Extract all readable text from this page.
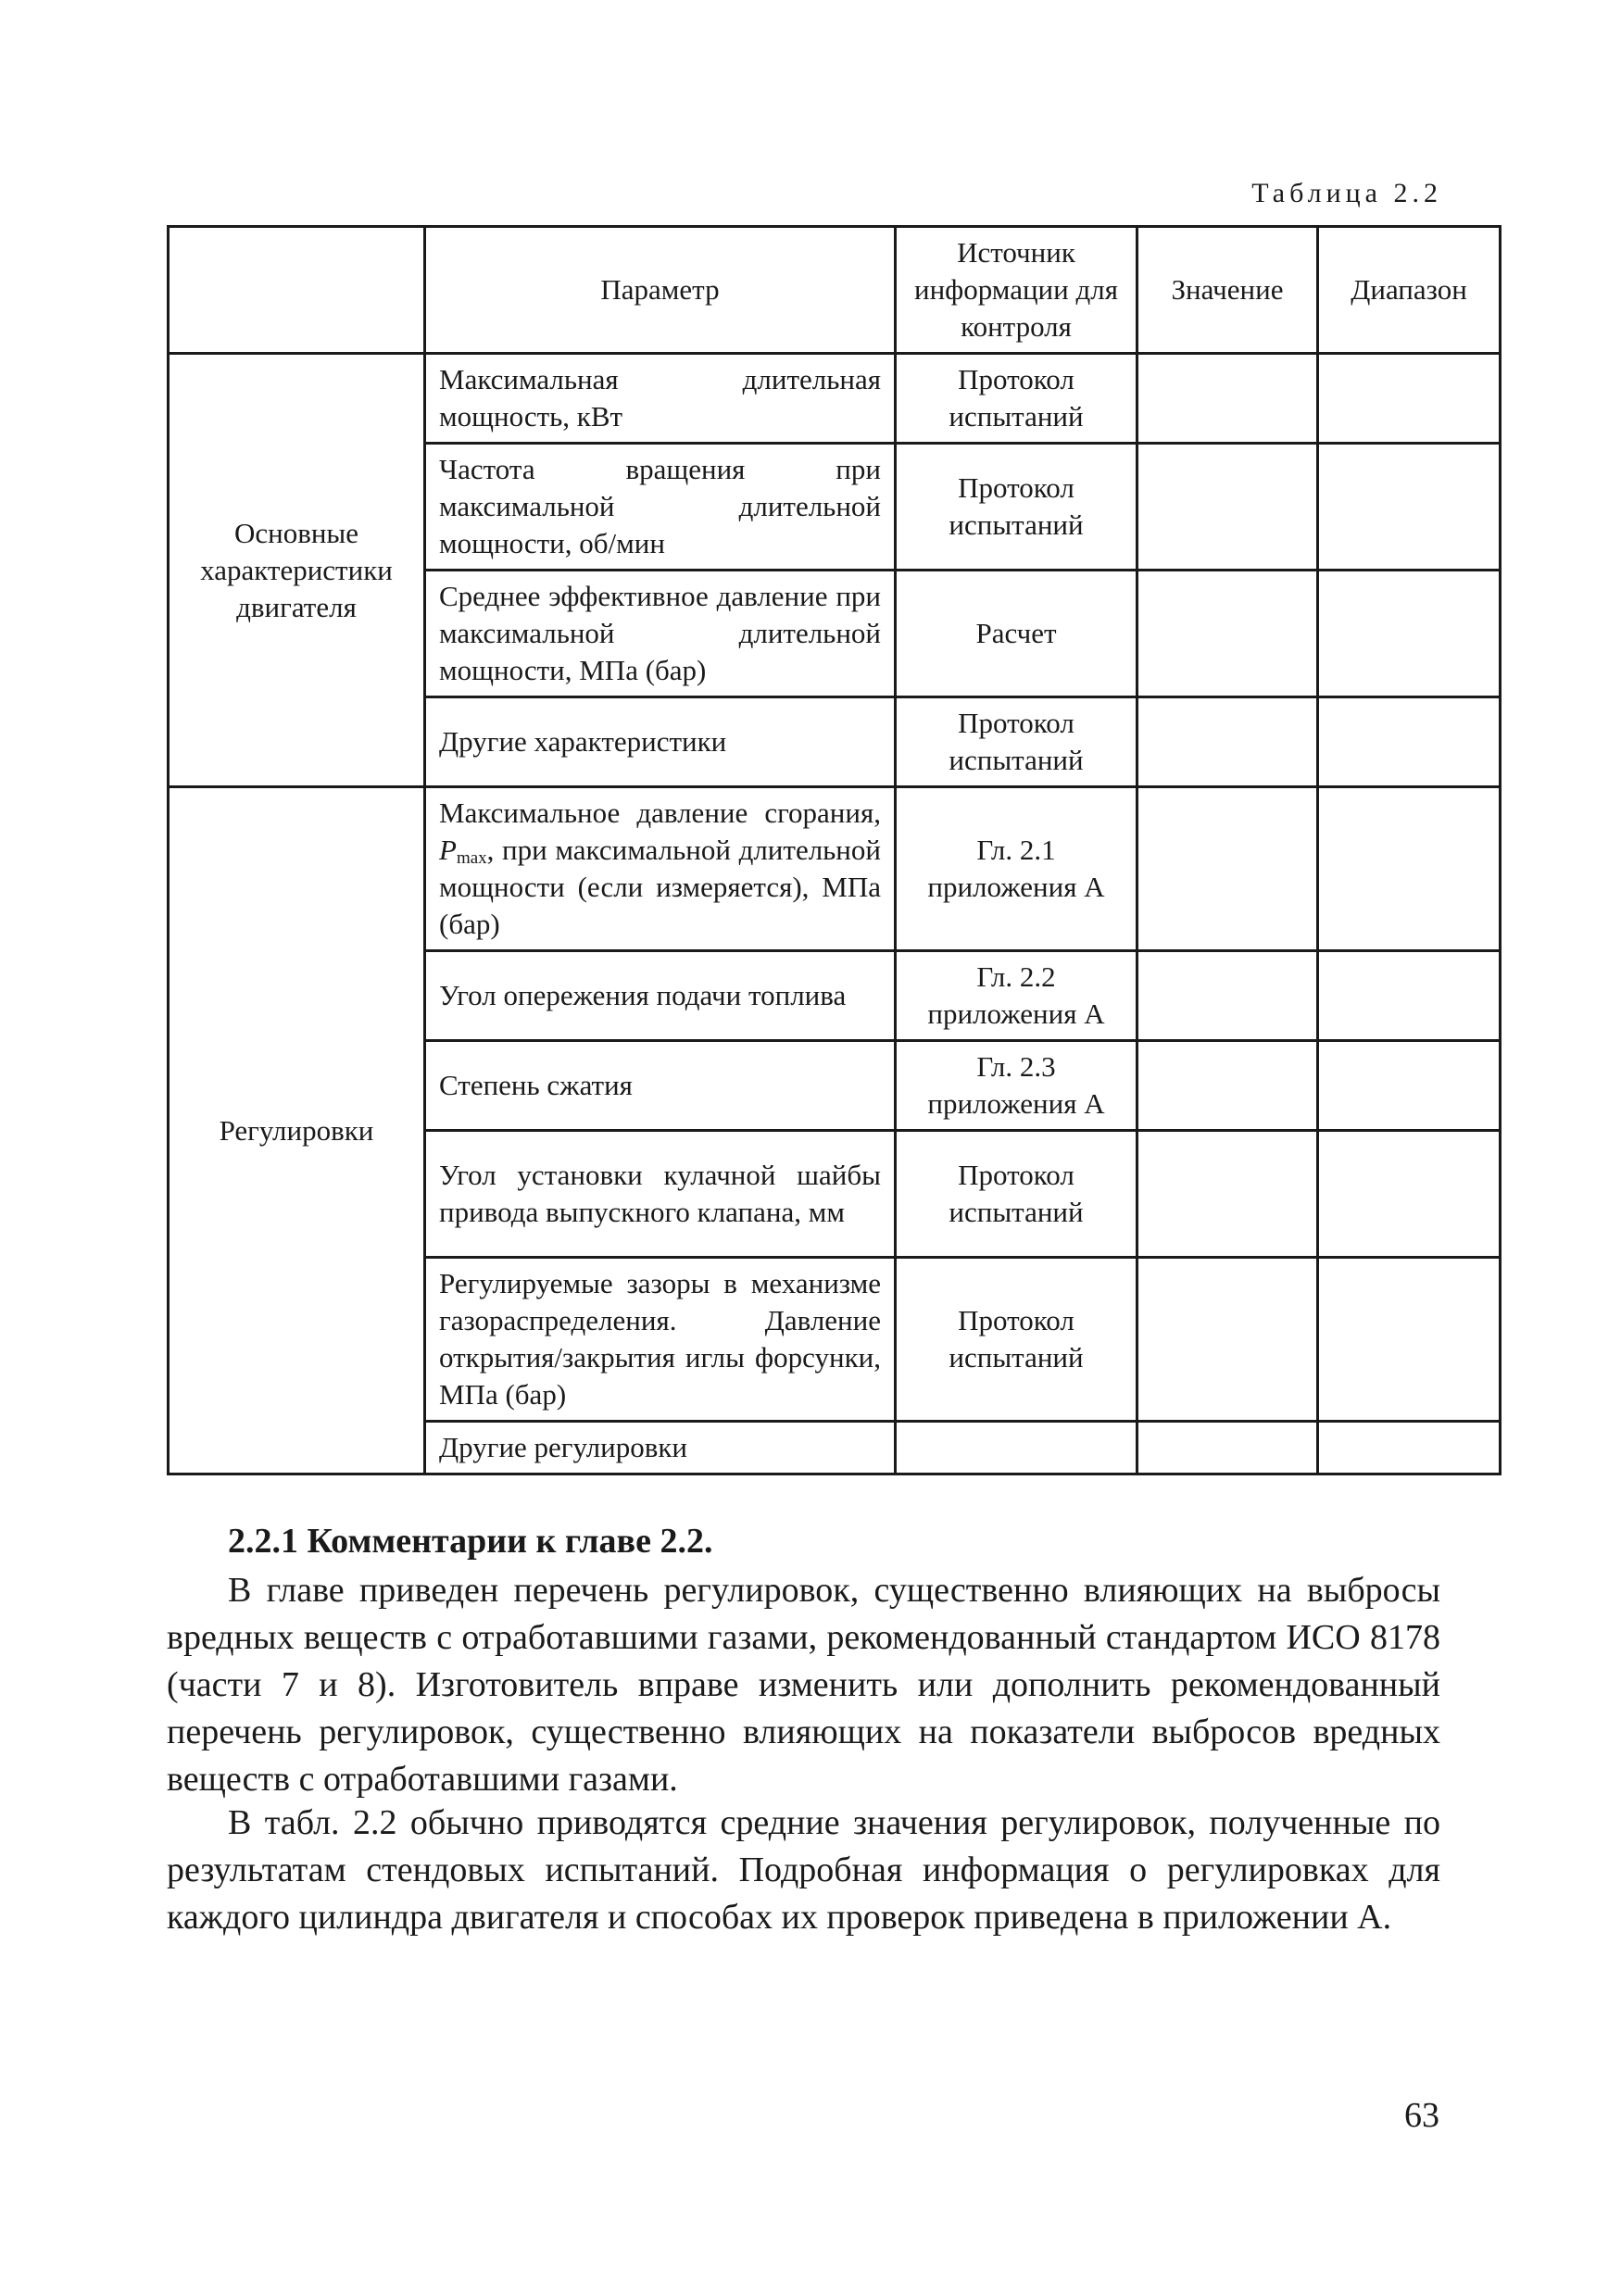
Таблица 2.2
	Параметр	Источник информации для контроля	Значение	Диапазон
Основные характеристики двигателя	Максимальная длительная мощность, кВт	Протокол испытаний		
	Частота вращения при максимальной длительной мощности, об/мин	Протокол испытаний		
	Среднее эффективное давление при максимальной длительной мощности, МПа (бар)	Расчет		
	Другие характеристики	Протокол испытаний		
Регулировки	Максимальное давление сгорания, $P_{max}$, при максимальной длительной мощности (если измеряется), МПа (бар)	Гл. 2.1 приложения А		
	Угол опережения подачи топлива	Гл. 2.2 приложения А		
	Степень сжатия	Гл. 2.3 приложения А		
	Угол установки кулачной шайбы привода выпускного клапана, мм	Протокол испытаний		
	Регулируемые зазоры в механизме газораспределения. Давление открытия/закрытия иглы форсунки, МПа (бар)	Протокол испытаний		
	Другие регулировки			
2.2.1 Комментарии к главе 2.2.

В главе приведен перечень регулировок, существенно влияющих на выбросы вредных веществ с отработавшими газами, рекомендованный стандартом ИСО 8178 (части 7 и 8). Изготовитель вправе изменить или дополнить рекомендованный перечень регулировок, существенно влияющих на показатели выбросов вредных веществ с отработавшими газами.

В табл. 2.2 обычно приводятся средние значения регулировок, полученные по результатам стендовых испытаний. Подробная информация о регулировках для каждого цилиндра двигателя и способах их проверок приведена в приложении А.

63
